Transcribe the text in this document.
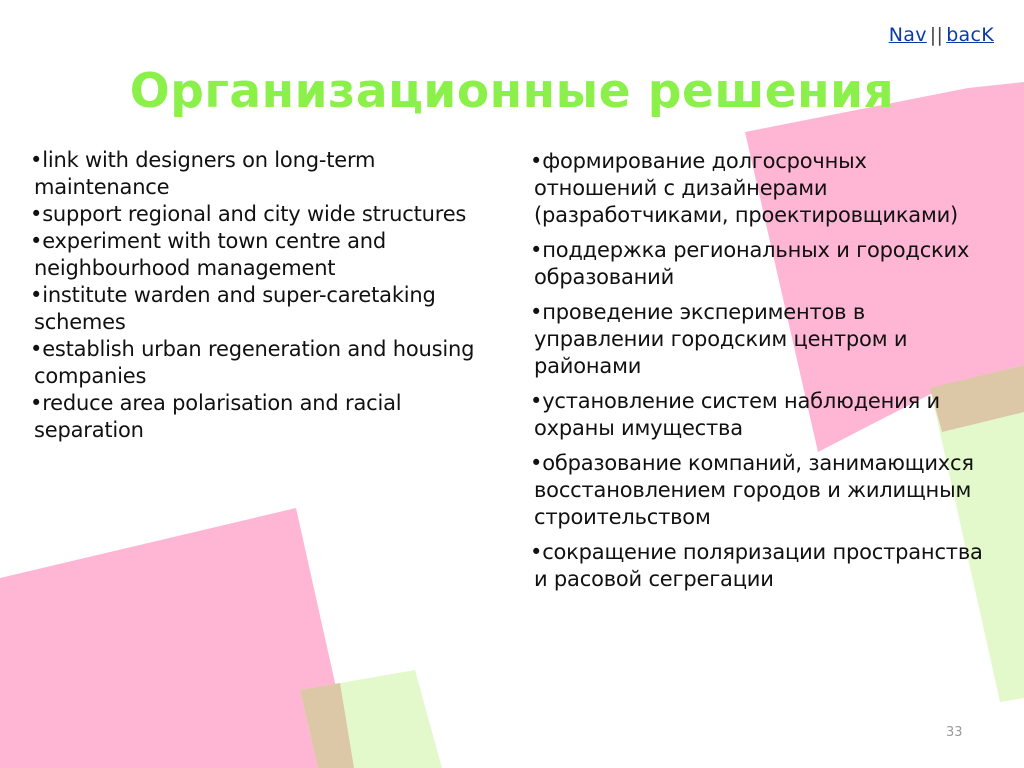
Nav || bacK
Организационные решения

•link with designers on long-term maintenance

•support regional and city wide structures

•experiment with town centre and neighbourhood management

•institute warden and super-caretaking schemes

•establish urban regeneration and housing companies

•reduce area polarisation and racial separation

•формирование долгосрочных отношений с дизайнерами (разработчиками, проектировщиками)

•поддержка региональных и городских образований

•проведение экспериментов в управлении городским центром и районами

•установление систем наблюдения и охраны имущества

•образование компаний, занимающихся восстановлением городов и жилищным строительством

•сокращение поляризации пространства и расовой сегрегации

33
